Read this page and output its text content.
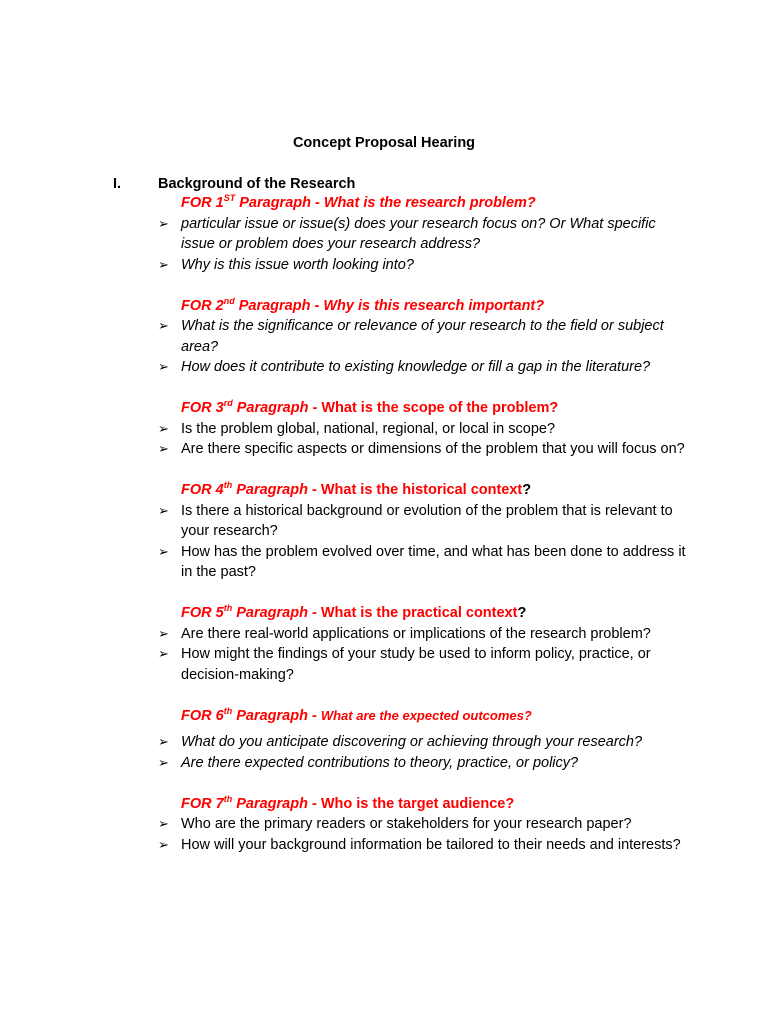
Concept Proposal Hearing
I.	Background of the Research
FOR 1ST Paragraph - What is the research problem?
➢ particular issue or issue(s) does your research focus on? Or What specific issue or problem does your research address?
➢ Why is this issue worth looking into?
FOR 2nd Paragraph - Why is this research important?
➢ What is the significance or relevance of your research to the field or subject area?
➢ How does it contribute to existing knowledge or fill a gap in the literature?
FOR 3rd Paragraph - What is the scope of the problem?
➢ Is the problem global, national, regional, or local in scope?
➢ Are there specific aspects or dimensions of the problem that you will focus on?
FOR 4th Paragraph - What is the historical context?
➢ Is there a historical background or evolution of the problem that is relevant to your research?
➢ How has the problem evolved over time, and what has been done to address it in the past?
FOR 5th Paragraph - What is the practical context?
➢ Are there real-world applications or implications of the research problem?
➢ How might the findings of your study be used to inform policy, practice, or decision-making?
FOR 6th Paragraph - What are the expected outcomes?
➢ What do you anticipate discovering or achieving through your research?
➢ Are there expected contributions to theory, practice, or policy?
FOR 7th Paragraph - Who is the target audience?
➢ Who are the primary readers or stakeholders for your research paper?
➢ How will your background information be tailored to their needs and interests?
